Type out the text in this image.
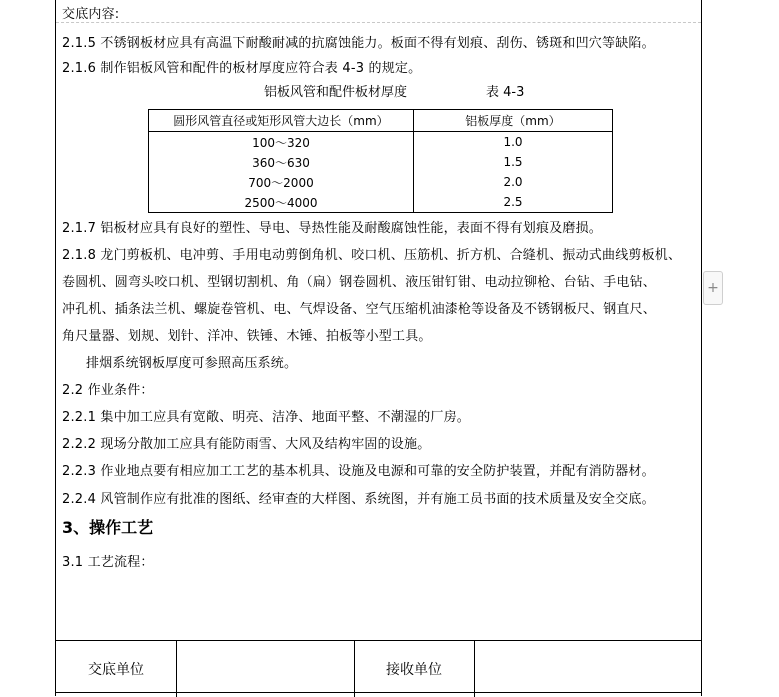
交底内容:
2.1.5 不锈钢板材应具有高温下耐酸耐减的抗腐蚀能力。板面不得有划痕、刮伤、锈斑和凹穴等缺陷。
2.1.6 制作铝板风管和配件的板材厚度应符合表 4-3 的规定。
铝板风管和配件板材厚度	表 4-3
圆形风管直径或矩形风管大边长（mm）	铝板厚度（mm）
100～320	1.0
360～630	1.5
700～2000	2.0
2500～4000	2.5
2.1.7 铝板材应具有良好的塑性、导电、导热性能及耐酸腐蚀性能，表面不得有划痕及磨损。
2.1.8 龙门剪板机、电冲剪、手用电动剪倒角机、咬口机、压筋机、折方机、合缝机、振动式曲线剪板机、
卷圆机、圆弯头咬口机、型钢切割机、角（扁）钢卷圆机、液压钳钉钳、电动拉铆枪、台钻、手电钻、
冲孔机、插条法兰机、螺旋卷管机、电、气焊设备、空气压缩机油漆枪等设备及不锈钢板尺、钢直尺、
角尺量器、划规、划针、洋冲、铁锤、木锤、拍板等小型工具。
排烟系统钢板厚度可参照高压系统。
2.2 作业条件：
2.2.1 集中加工应具有宽敞、明亮、洁净、地面平整、不潮湿的厂房。
2.2.2 现场分散加工应具有能防雨雪、大风及结构牢固的设施。
2.2.3 作业地点要有相应加工工艺的基本机具、设施及电源和可靠的安全防护装置，并配有消防器材。
2.2.4 风管制作应有批准的图纸、经审查的大样图、系统图，并有施工员书面的技术质量及安全交底。
3、操作工艺
3.1 工艺流程：
交底单位	接收单位
+
